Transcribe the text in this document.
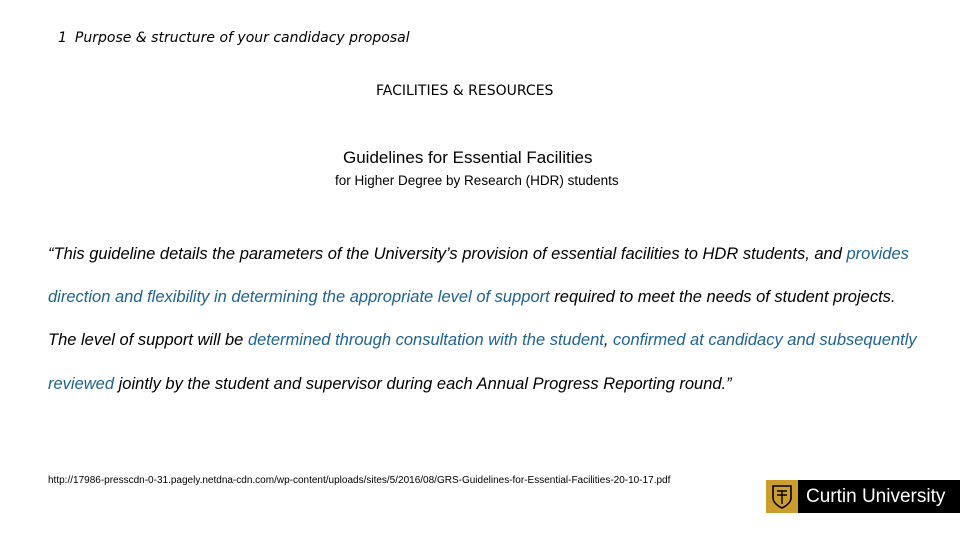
1 Purpose & structure of your candidacy proposal
FACILITIES & RESOURCES
Guidelines for Essential Facilities
for Higher Degree by Research (HDR) students

“This guideline details the parameters of the University’s provision of essential facilities to HDR students, and provides direction and flexibility in determining the appropriate level of support required to meet the needs of student projects. The level of support will be determined through consultation with the student, confirmed at candidacy and subsequently reviewed jointly by the student and supervisor during each Annual Progress Reporting round.”

http://17986-presscdn-0-31.pagely.netdna-cdn.com/wp-content/uploads/sites/5/2016/08/GRS-Guidelines-for-Essential-Facilities-20-10-17.pdf
Curtin University
